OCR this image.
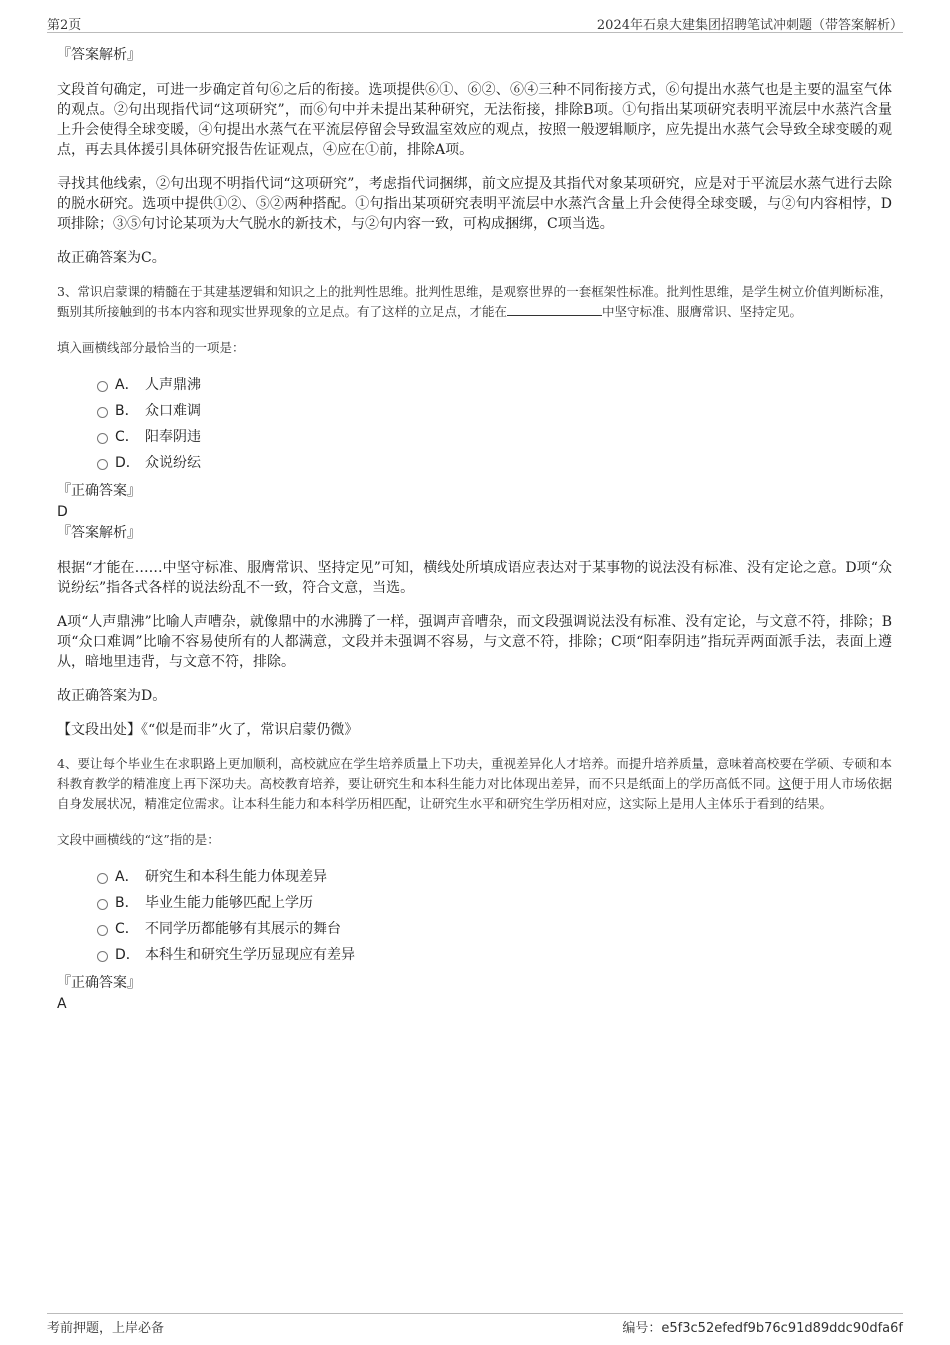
第2页	2024年石泉大建集团招聘笔试冲刺题（带答案解析）

『答案解析』

文段首句确定，可进一步确定首句⑥之后的衔接。选项提供⑥①、⑥②、⑥④三种不同衔接方式，⑥句提出水蒸气也是主要的温室气体的观点。②句出现指代词“这项研究”，而⑥句中并未提出某种研究，无法衔接，排除B项。①句指出某项研究表明平流层中水蒸汽含量上升会使得全球变暖，④句提出水蒸气在平流层停留会导致温室效应的观点，按照一般逻辑顺序，应先提出水蒸气会导致全球变暖的观点，再去具体援引具体研究报告佐证观点，④应在①前，排除A项。

寻找其他线索，②句出现不明指代词“这项研究”，考虑指代词捆绑，前文应提及其指代对象某项研究，应是对于平流层水蒸气进行去除的脱水研究。选项中提供①②、⑤②两种搭配。①句指出某项研究表明平流层中水蒸汽含量上升会使得全球变暖，与②句内容相悖，D项排除；③⑤句讨论某项为大气脱水的新技术，与②句内容一致，可构成捆绑，C项当选。

故正确答案为C。

3、常识启蒙课的精髓在于其建基逻辑和知识之上的批判性思维。批判性思维，是观察世界的一套框架性标准。批判性思维，是学生树立价值判断标准，甄别其所接触到的书本内容和现实世界现象的立足点。有了这样的立足点，才能在	中坚守标准、服膺常识、坚持定见。

填入画横线部分最恰当的一项是：

A． 人声鼎沸
B． 众口难调
C． 阳奉阴违
D． 众说纷纭

『正确答案』

D

『答案解析』

根据“才能在……中坚守标准、服膺常识、坚持定见”可知，横线处所填成语应表达对于某事物的说法没有标准、没有定论之意。D项“众说纷纭”指各式各样的说法纷乱不一致，符合文意，当选。

A项“人声鼎沸”比喻人声嘈杂，就像鼎中的水沸腾了一样，强调声音嘈杂，而文段强调说法没有标准、没有定论，与文意不符，排除；B项“众口难调”比喻不容易使所有的人都满意，文段并未强调不容易，与文意不符，排除；C项“阳奉阴违”指玩弄两面派手法，表面上遵从，暗地里违背，与文意不符，排除。

故正确答案为D。

【文段出处】《“似是而非”火了，常识启蒙仍微》

4、要让每个毕业生在求职路上更加顺利，高校就应在学生培养质量上下功夫，重视差异化人才培养。而提升培养质量，意味着高校要在学硕、专硕和本科教育教学的精准度上再下深功夫。高校教育培养，要让研究生和本科生能力对比体现出差异，而不只是纸面上的学历高低不同。这便于用人市场依据自身发展状况，精准定位需求。让本科生能力和本科学历相匹配，让研究生水平和研究生学历相对应，这实际上是用人主体乐于看到的结果。

文段中画横线的“这”指的是：

A． 研究生和本科生能力体现差异
B． 毕业生能力能够匹配上学历
C． 不同学历都能够有其展示的舞台
D． 本科生和研究生学历显现应有差异

『正确答案』

A

考前押题，上岸必备	编号：e5f3c52efedf9b76c91d89ddc90dfa6f
